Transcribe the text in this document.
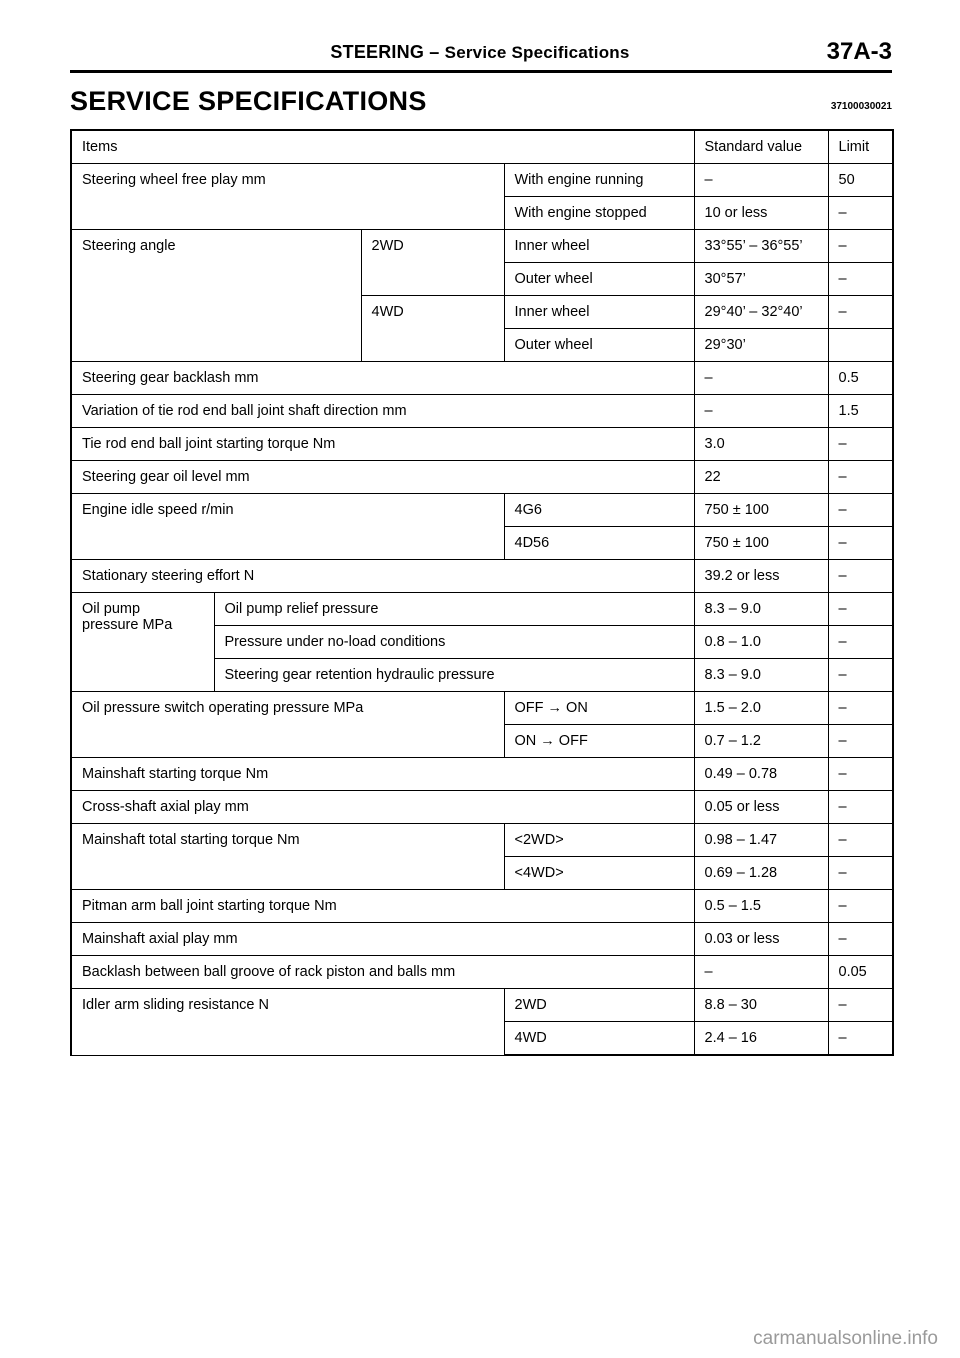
STEERING – Service Specifications	37A-3
SERVICE SPECIFICATIONS	37100030021
Items				Standard value	Limit
Steering wheel free play mm			With engine running	–	50
			With engine stopped	10 or less	–
Steering angle		2WD	Inner wheel	33°55’ – 36°55’	–
			Outer wheel	30°57’	–
		4WD	Inner wheel	29°40’ – 32°40’	–
			Outer wheel	29°30’	
Steering gear backlash mm				–	0.5
Variation of tie rod end ball joint shaft direction mm				–	1.5
Tie rod end ball joint starting torque Nm				3.0	–
Steering gear oil level mm				22	–
Engine idle speed r/min			4G6	750 ± 100	–
			4D56	750 ± 100	–
Stationary steering effort N				39.2 or less	–
Oil pump
pressure MPa	Oil pump relief pressure			8.3 – 9.0	–
	Pressure under no-load conditions			0.8 – 1.0	–
	Steering gear retention hydraulic pressure			8.3 – 9.0	–
Oil pressure switch operating pressure MPa			OFF → ON	1.5 – 2.0	–
			ON → OFF	0.7 – 1.2	–
Mainshaft starting torque Nm				0.49 – 0.78	–
Cross-shaft axial play mm				0.05 or less	–
Mainshaft total starting torque Nm			<2WD>	0.98 – 1.47	–
			<4WD>	0.69 – 1.28	–
Pitman arm ball joint starting torque Nm				0.5 – 1.5	–
Mainshaft axial play mm				0.03 or less	–
Backlash between ball groove of rack piston and balls mm				–	0.05
Idler arm sliding resistance N			2WD	8.8 – 30	–
			4WD	2.4 – 16	–
carmanualsonline.info
